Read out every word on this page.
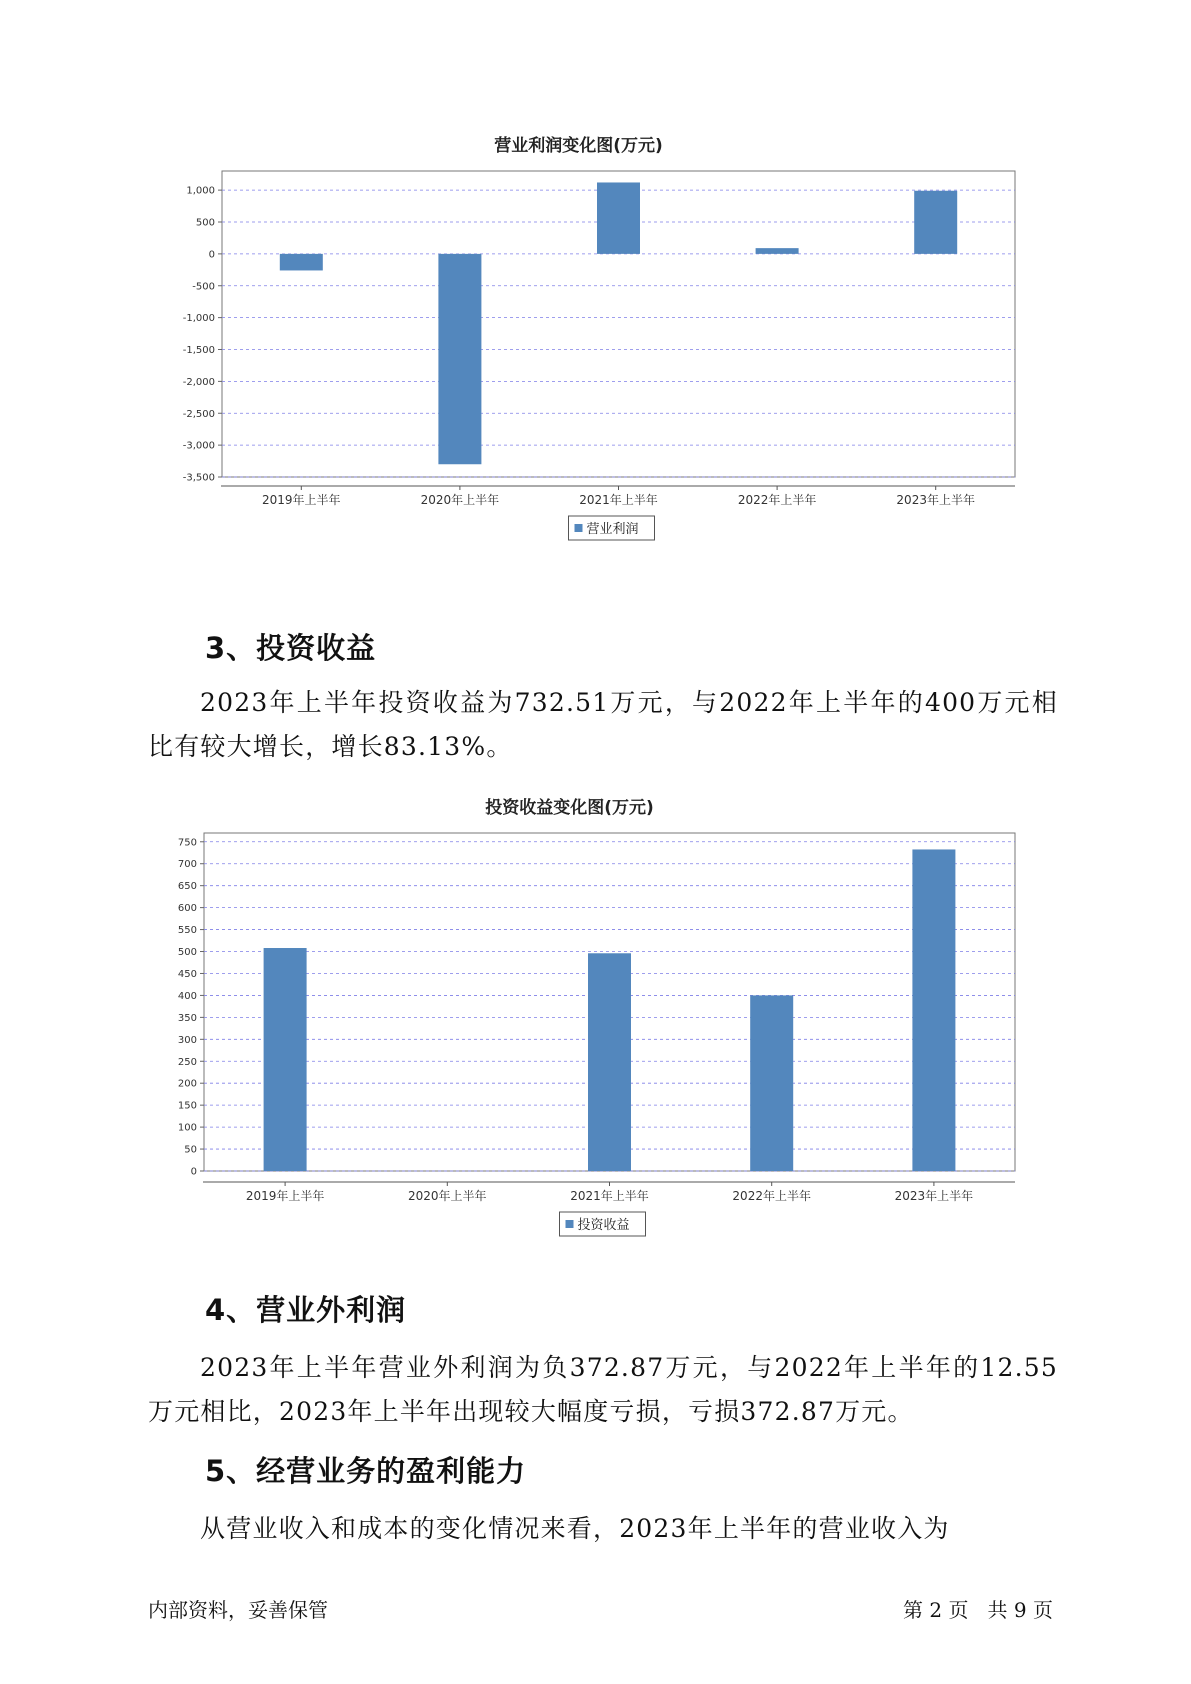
营业利润变化图(万元)
1,000
500
0
-500
-1,000
-1,500
-2,000
-2,500
-3,000
-3,500
2019年上半年	2020年上半年	2021年上半年	2022年上半年	2023年上半年
营业利润
3、投资收益

2023年上半年投资收益为732.51万元，与2022年上半年的400万元相比有较大增长，增长83.13%。

投资收益变化图(万元)
750
700
650
600
550
500
450
400
350
300
250
200
150
100
50
0
2019年上半年	2020年上半年	2021年上半年	2022年上半年	2023年上半年
投资收益
4、营业外利润

2023年上半年营业外利润为负372.87万元，与2022年上半年的12.55万元相比，2023年上半年出现较大幅度亏损，亏损372.87万元。

5、经营业务的盈利能力

从营业收入和成本的变化情况来看，2023年上半年的营业收入为

内部资料，妥善保管	第 2 页   共 9 页
